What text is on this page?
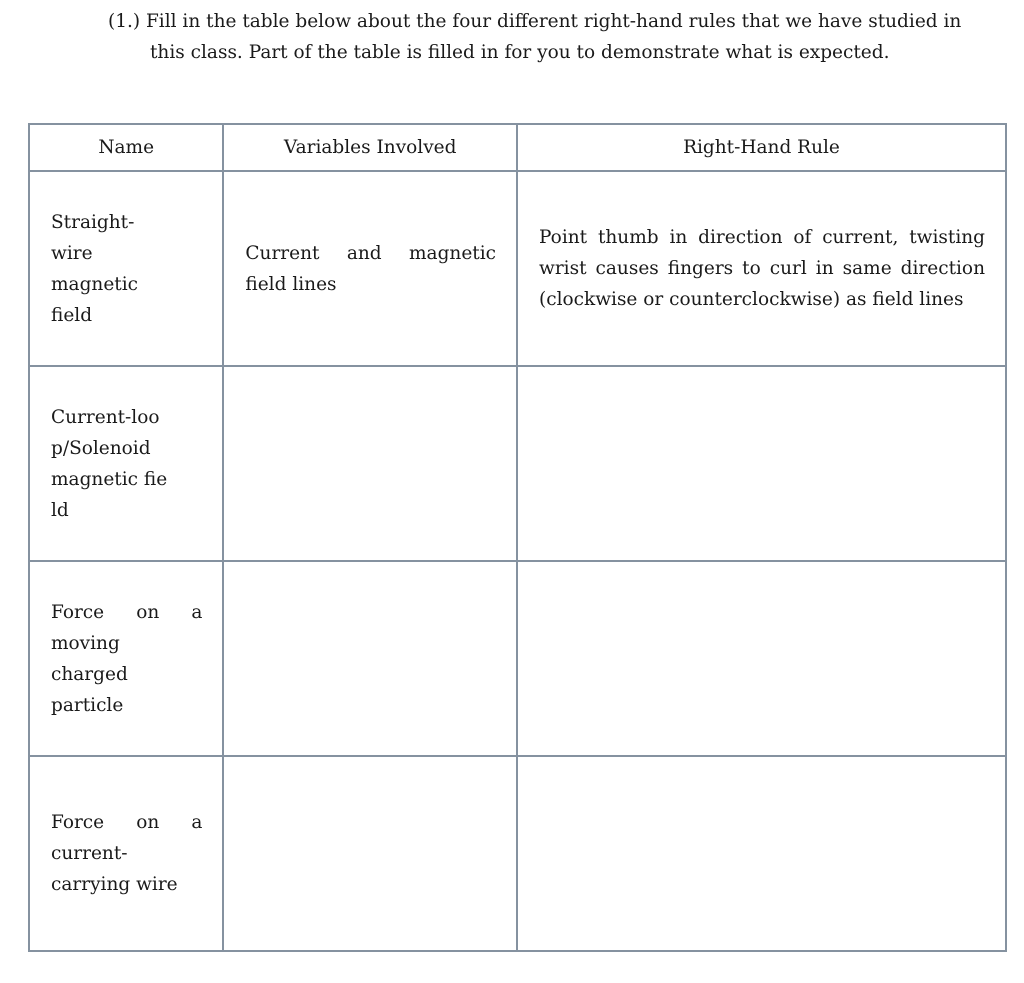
(1.) Fill in the table below about the four different right-hand rules that we have studied in
this class. Part of the table is filled in for you to demonstrate what is expected.
Name	Variables Involved	Right-Hand Rule

Straight-wire magnetic field	Current and magnetic field lines	Point thumb in direction of current, twisting wrist causes fingers to curl in same direction (clockwise or counterclockwise) as field lines

Current-loop/Solenoid magnetic field		

Force on a moving charged particle		

Force on a current-carrying wire		
